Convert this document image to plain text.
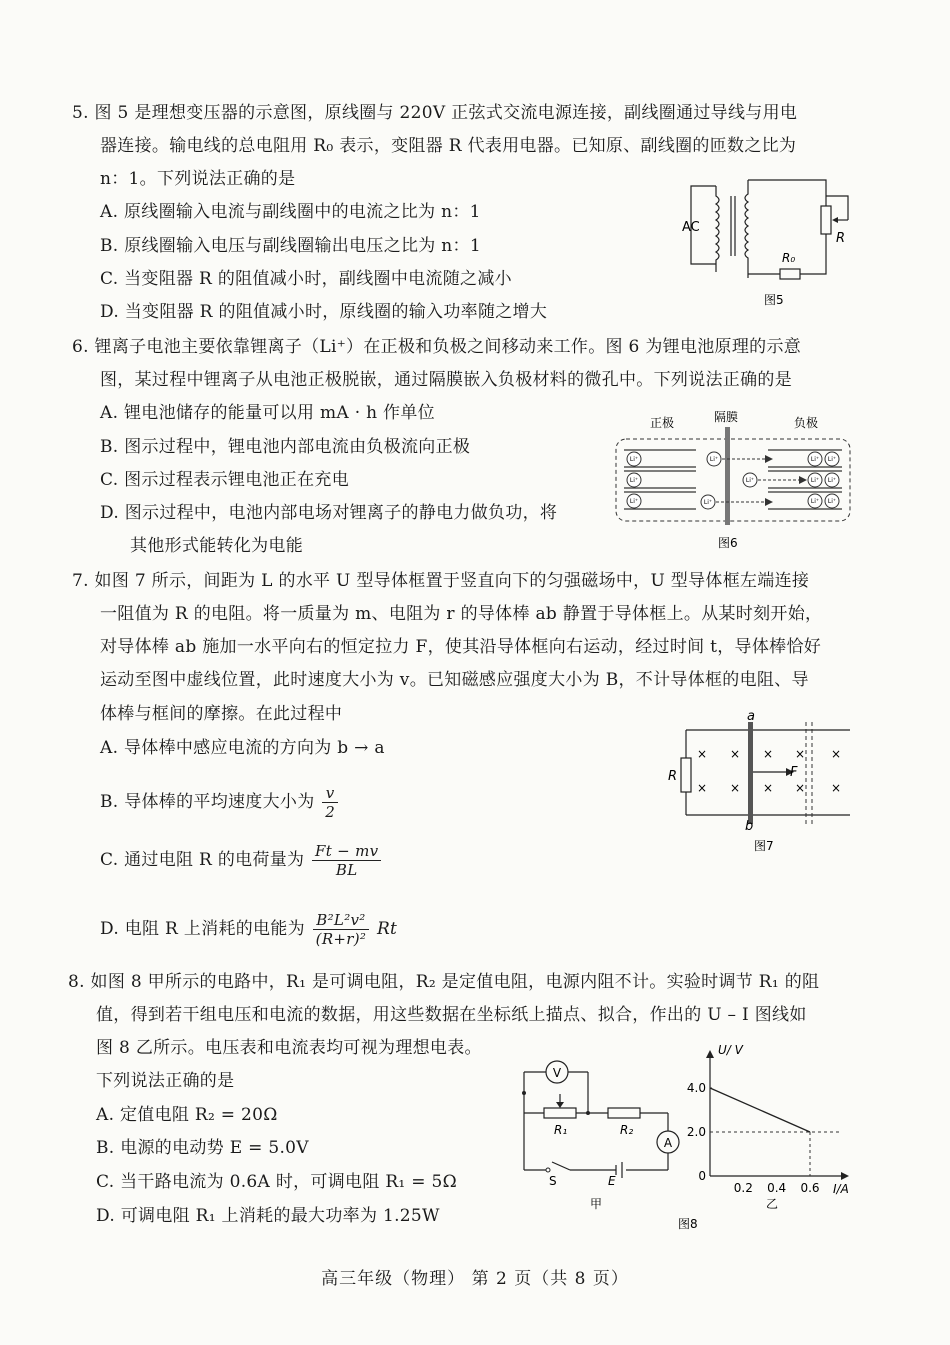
5. 图 5 是理想变压器的示意图，原线圈与 220V 正弦式交流电源连接，副线圈通过导线与用电
器连接。输电线的总电阻用 R₀ 表示，变阻器 R 代表用电器。已知原、副线圈的匝数之比为
n：1。下列说法正确的是
A. 原线圈输入电流与副线圈中的电流之比为 n：1
B. 原线圈输入电压与副线圈输出电压之比为 n：1
C. 当变阻器 R 的阻值减小时，副线圈中电流随之减小
D. 当变阻器 R 的阻值减小时，原线圈的输入功率随之增大
AC
R
R₀
图5
6. 锂离子电池主要依靠锂离子（Li⁺）在正极和负极之间移动来工作。图 6 为锂电池原理的示意
图，某过程中锂离子从电池正极脱嵌，通过隔膜嵌入负极材料的微孔中。下列说法正确的是
A. 锂电池储存的能量可以用 mA · h 作单位
B. 图示过程中，锂电池内部电流由负极流向正极
C. 图示过程表示锂电池正在充电
D. 图示过程中，电池内部电场对锂离子的静电力做负功，将
其他形式能转化为电能
正极	隔膜	负极
Li⁺
Li⁺
Li⁺
Li⁺
Li⁺
Li⁺
Li⁺ Li⁺
Li⁺ Li⁺
Li⁺ Li⁺
图6
7. 如图 7 所示，间距为 L 的水平 U 型导体框置于竖直向下的匀强磁场中，U 型导体框左端连接
一阻值为 R 的电阻。将一质量为 m、电阻为 r 的导体棒 ab 静置于导体框上。从某时刻开始，
对导体棒 ab 施加一水平向右的恒定拉力 F，使其沿导体框向右运动，经过时间 t，导体棒恰好
运动至图中虚线位置，此时速度大小为 v。已知磁感应强度大小为 B，不计导体框的电阻、导
体棒与框间的摩擦。在此过程中
A. 导体棒中感应电流的方向为 b → a
B. 导体棒的平均速度大小为 $\frac{v}{2}$
C. 通过电阻 R 的电荷量为 $\frac{Ft - mv}{BL}$
D. 电阻 R 上消耗的电能为 $\frac{\text{B²L²v²}}{\text{(R+r)²}}$ Rt
× × × × ×
× × × × ×
a
b
R	F
图7
8. 如图 8 甲所示的电路中，R₁ 是可调电阻，R₂ 是定值电阻，电源内阻不计。实验时调节 R₁ 的阻
值，得到若干组电压和电流的数据，用这些数据在坐标纸上描点、拟合，作出的 U – I 图线如
图 8 乙所示。电压表和电流表均可视为理想电表。
下列说法正确的是
A. 定值电阻 R₂ = 20Ω
B. 电源的电动势 E = 5.0V
C. 当干路电流为 0.6A 时，可调电阻 R₁ = 5Ω
D. 可调电阻 R₁ 上消耗的最大功率为 1.25W
V
A
R₁	R₂
S	E
甲
4.0
2.0
0.2 0.4 0.6
0
U/ V
I/A
乙
图8
高三年级（物理） 第 2 页（共 8 页）
